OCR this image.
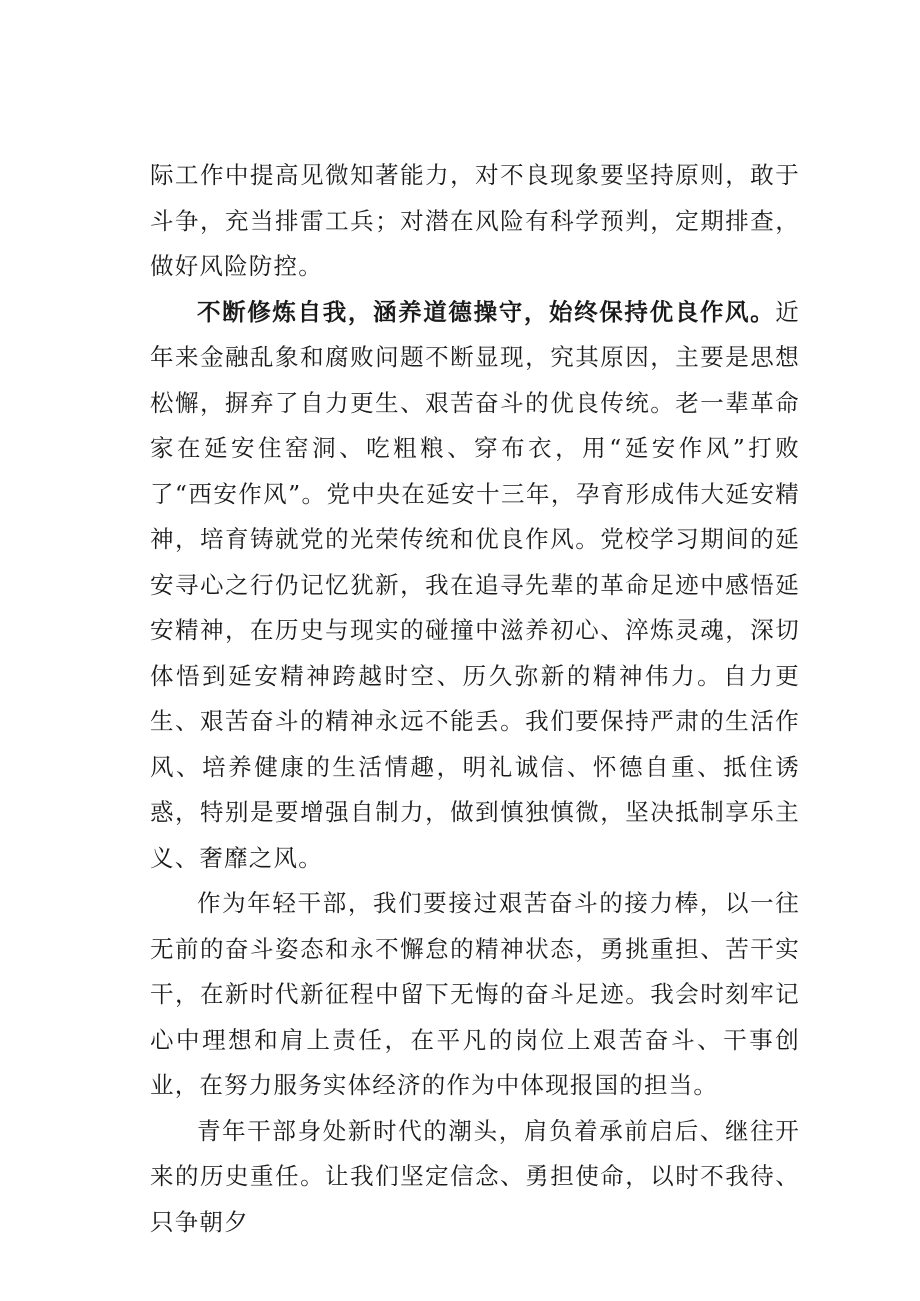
际工作中提高见微知著能力，对不良现象要坚持原则，敢于斗争，充当排雷工兵；对潜在风险有科学预判，定期排查，做好风险防控。

不断修炼自我，涵养道德操守，始终保持优良作风。近年来金融乱象和腐败问题不断显现，究其原因，主要是思想松懈，摒弃了自力更生、艰苦奋斗的优良传统。老一辈革命家在延安住窑洞、吃粗粮、穿布衣，用“延安作风”打败了“西安作风”。党中央在延安十三年，孕育形成伟大延安精神，培育铸就党的光荣传统和优良作风。党校学习期间的延安寻心之行仍记忆犹新，我在追寻先辈的革命足迹中感悟延安精神，在历史与现实的碰撞中滋养初心、淬炼灵魂，深切体悟到延安精神跨越时空、历久弥新的精神伟力。自力更生、艰苦奋斗的精神永远不能丢。我们要保持严肃的生活作风、培养健康的生活情趣，明礼诚信、怀德自重、抵住诱惑，特别是要增强自制力，做到慎独慎微，坚决抵制享乐主义、奢靡之风。

作为年轻干部，我们要接过艰苦奋斗的接力棒，以一往无前的奋斗姿态和永不懈怠的精神状态，勇挑重担、苦干实干，在新时代新征程中留下无悔的奋斗足迹。我会时刻牢记心中理想和肩上责任，在平凡的岗位上艰苦奋斗、干事创业，在努力服务实体经济的作为中体现报国的担当。

青年干部身处新时代的潮头，肩负着承前启后、继往开来的历史重任。让我们坚定信念、勇担使命，以时不我待、只争朝夕
